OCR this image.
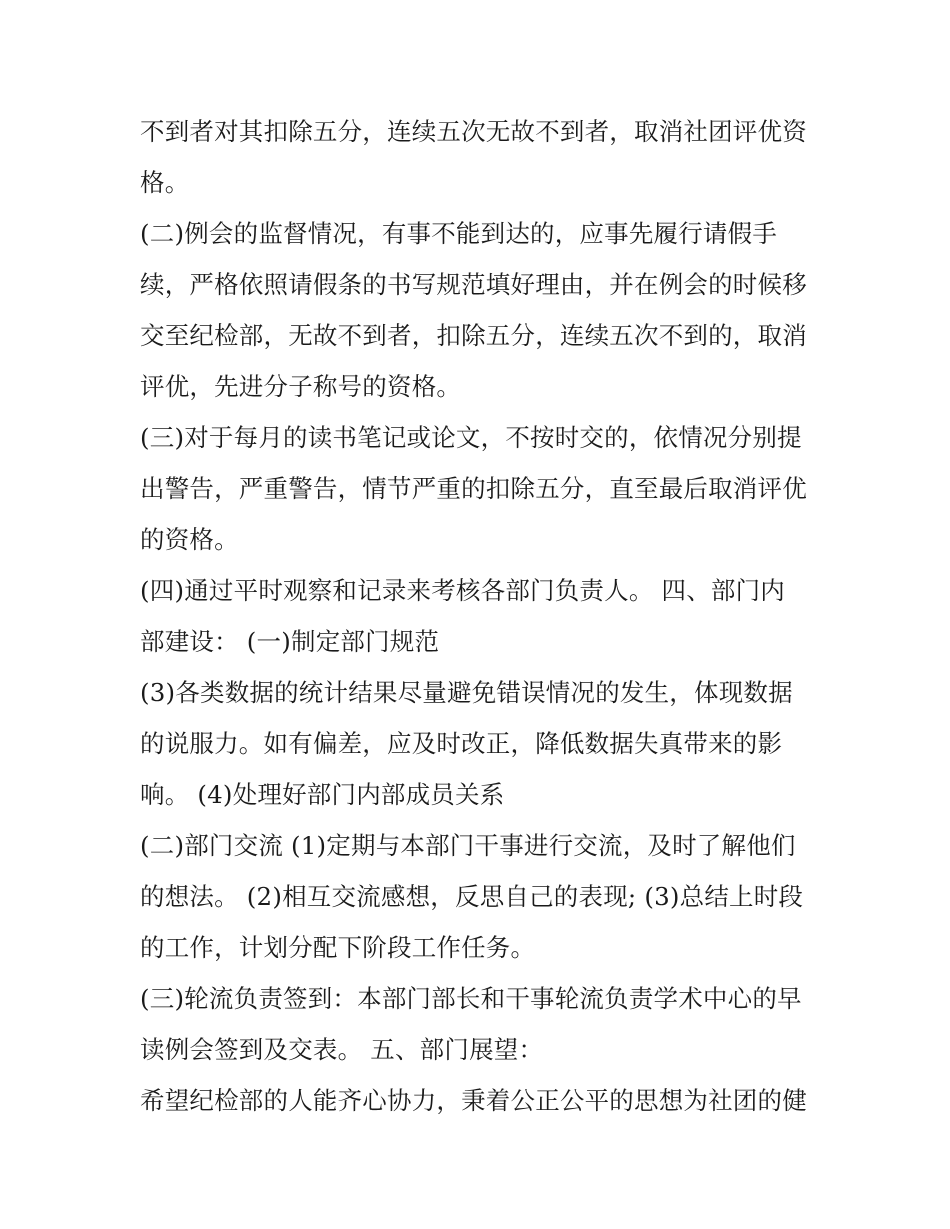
不到者对其扣除五分，连续五次无故不到者，取消社团评优资
格。
(二)例会的监督情况，有事不能到达的，应事先履行请假手
续，严格依照请假条的书写规范填好理由，并在例会的时候移
交至纪检部，无故不到者，扣除五分，连续五次不到的，取消
评优，先进分子称号的资格。
(三)对于每月的读书笔记或论文，不按时交的，依情况分别提
出警告，严重警告，情节严重的扣除五分，直至最后取消评优
的资格。
(四)通过平时观察和记录来考核各部门负责人。 四、部门内
部建设： (一)制定部门规范
(3)各类数据的统计结果尽量避免错误情况的发生，体现数据
的说服力。如有偏差，应及时改正，降低数据失真带来的影
响。 (4)处理好部门内部成员关系
(二)部门交流 (1)定期与本部门干事进行交流，及时了解他们
的想法。 (2)相互交流感想，反思自己的表现; (3)总结上时段
的工作，计划分配下阶段工作任务。
(三)轮流负责签到：本部门部长和干事轮流负责学术中心的早
读例会签到及交表。 五、部门展望：
希望纪检部的人能齐心协力，秉着公正公平的思想为社团的健
